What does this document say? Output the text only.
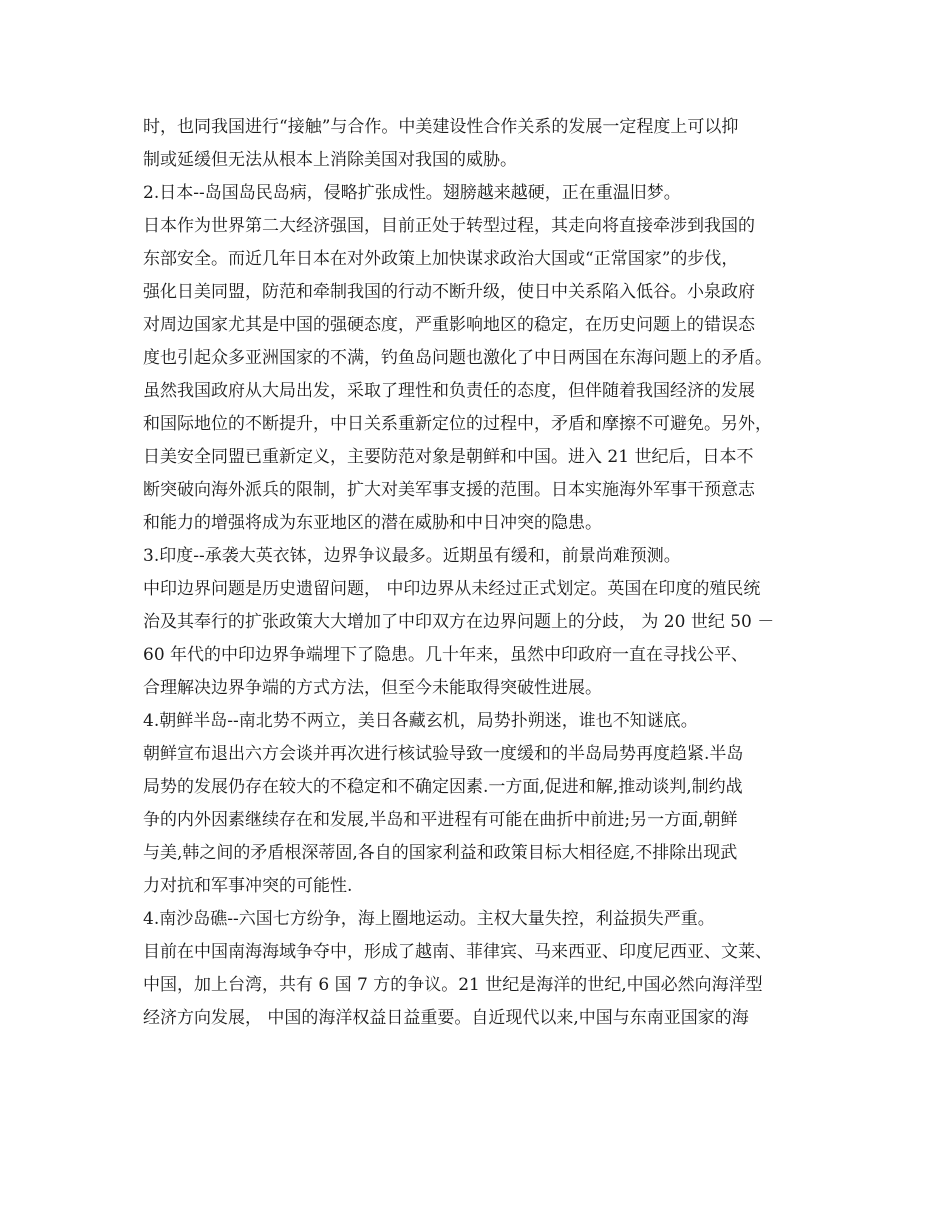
时，也同我国进行“接触”与合作。中美建设性合作关系的发展一定程度上可以抑
制或延缓但无法从根本上消除美国对我国的威胁。
2.日本--岛国岛民岛病，侵略扩张成性。翅膀越来越硬，正在重温旧梦。
日本作为世界第二大经济强国，目前正处于转型过程，其走向将直接牵涉到我国的
东部安全。而近几年日本在对外政策上加快谋求政治大国或“正常国家”的步伐，
强化日美同盟，防范和牵制我国的行动不断升级，使日中关系陷入低谷。小泉政府
对周边国家尤其是中国的强硬态度，严重影响地区的稳定，在历史问题上的错误态
度也引起众多亚洲国家的不满，钓鱼岛问题也激化了中日两国在东海问题上的矛盾。
虽然我国政府从大局出发，采取了理性和负责任的态度，但伴随着我国经济的发展
和国际地位的不断提升，中日关系重新定位的过程中，矛盾和摩擦不可避免。另外，
日美安全同盟已重新定义，主要防范对象是朝鲜和中国。进入 21 世纪后，日本不
断突破向海外派兵的限制，扩大对美军事支援的范围。日本实施海外军事干预意志
和能力的增强将成为东亚地区的潜在威胁和中日冲突的隐患。
3.印度--承袭大英衣钵，边界争议最多。近期虽有缓和，前景尚难预测。
中印边界问题是历史遗留问题， 中印边界从未经过正式划定。英国在印度的殖民统
治及其奉行的扩张政策大大增加了中印双方在边界问题上的分歧， 为 20 世纪 50 －
60 年代的中印边界争端埋下了隐患。几十年来，虽然中印政府一直在寻找公平、
合理解决边界争端的方式方法，但至今未能取得突破性进展。
4.朝鲜半岛--南北势不两立，美日各藏玄机，局势扑朔迷，谁也不知谜底。
朝鲜宣布退出六方会谈并再次进行核试验导致一度缓和的半岛局势再度趋紧.半岛
局势的发展仍存在较大的不稳定和不确定因素.一方面,促进和解,推动谈判,制约战
争的内外因素继续存在和发展,半岛和平进程有可能在曲折中前进;另一方面,朝鲜
与美,韩之间的矛盾根深蒂固,各自的国家利益和政策目标大相径庭,不排除出现武
力对抗和军事冲突的可能性.
4.南沙岛礁--六国七方纷争，海上圈地运动。主权大量失控，利益损失严重。
目前在中国南海海域争夺中，形成了越南、菲律宾、马来西亚、印度尼西亚、文莱、
中国，加上台湾，共有 6 国 7 方的争议。21 世纪是海洋的世纪,中国必然向海洋型
经济方向发展， 中国的海洋权益日益重要。自近现代以来,中国与东南亚国家的海
